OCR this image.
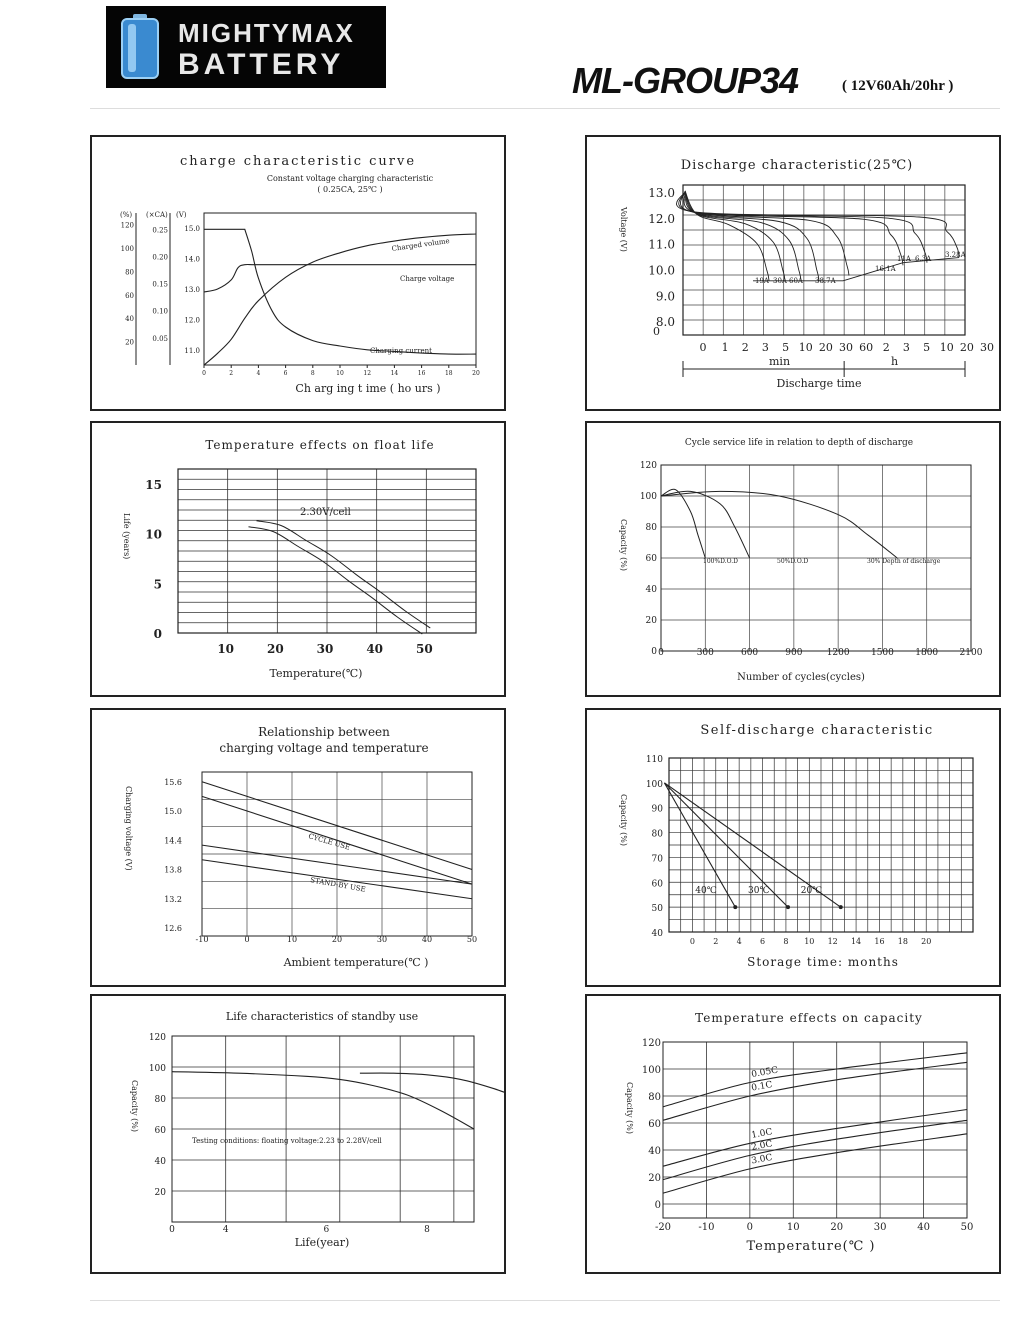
MIGHTYMAX
BATTERY	ML-GROUP34	( 12V60Ah/20hr )
charge characteristic curve
Constant voltage charging characteristic
( 0.25CA, 25℃ )
(%) (×CA) (V)
0	2	4	6	8	10	12	14	16	18	20
20
40
60
80
100
120
0.05
0.10
0.15
0.20
0.25
11.0
12.0
13.0
14.0
15.0
Charged volume
Charge voltage
Charging current
Ch arg ing t ime ( ho urs )
Discharge characteristic(25℃)
0 1 2 3 5 10 20 30 60 2 3 5 10 20 30
8.0
9.0
10.0
11.0
12.0
13.0
0
Voltage (V)
19A 30A 60A 38.7A
16.1A
11A 6.3A 3.28A
min	h
Discharge time
Temperature effects on float life
10	20	30	40	50
0
5
10
15
Life (years)
2.30V/cell
Temperature(℃)
Cycle service life in relation to depth of discharge
0
20
40
60
80
100
120
0	300	600	900	1200 1500 1800 2100
Capacity (%)	100%D.O.D	50%D.O.D	30% Depth of discharge
Number of cycles(cycles)
Relationship between
charging voltage and temperature
-10	0	10	20	30	40	50
12.6
13.2
13.8
14.4
15.0
15.6
Charging voltage (V)	CYCLE USE
STAND-BY USE
Ambient temperature(℃ )
Self-discharge characteristic
40
50
60
70
80
90
100
110
0 2 4 6 8 10 12 14 16 18 20
Capacity (%)
40℃	30℃	20℃
Storage time: months
Life characteristics of standby use
20
40
60
80
100
120
0	4	6	8
Capacity (%)
Testing conditions: floating voltage:2.23 to 2.28V/cell
Life(year)
Temperature effects on capacity
0
20
40
60
80
100
120
-20	-10	0	10	20	30	40	50
Capacity (%)
0.05C
0.1C
1.0C
2.0C
3.0C
Temperature(℃ )
